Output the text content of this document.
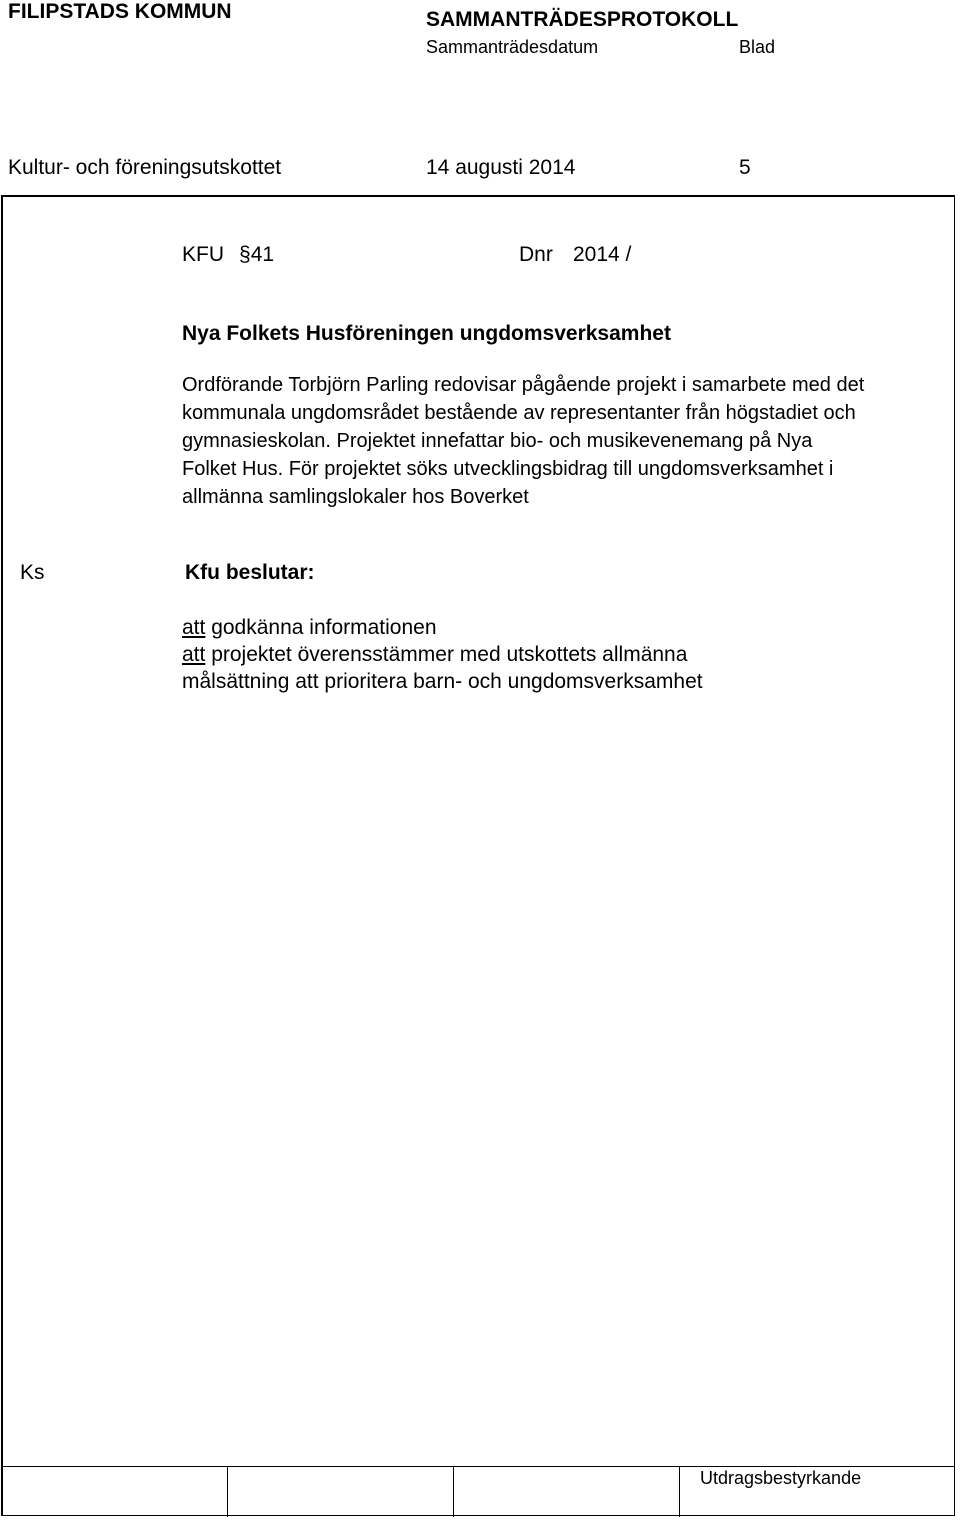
FILIPSTADS KOMMUN	SAMMANTRÄDESPROTOKOLL
Sammanträdesdatum	Blad
Kultur- och föreningsutskottet	14 augusti 2014	5
KFU §41	Dnr 2014 /
Nya Folkets Husföreningen ungdomsverksamhet
Ordförande Torbjörn Parling redovisar pågående projekt i samarbete med det
kommunala ungdomsrådet bestående av representanter från högstadiet och
gymnasieskolan. Projektet innefattar bio- och musikevenemang på Nya
Folket Hus. För projektet söks utvecklingsbidrag till ungdomsverksamhet i
allmänna samlingslokaler hos Boverket
Ks	Kfu beslutar:
att godkänna informationen
att projektet överensstämmer med utskottets allmänna
målsättning att prioritera barn- och ungdomsverksamhet
Utdragsbestyrkande
